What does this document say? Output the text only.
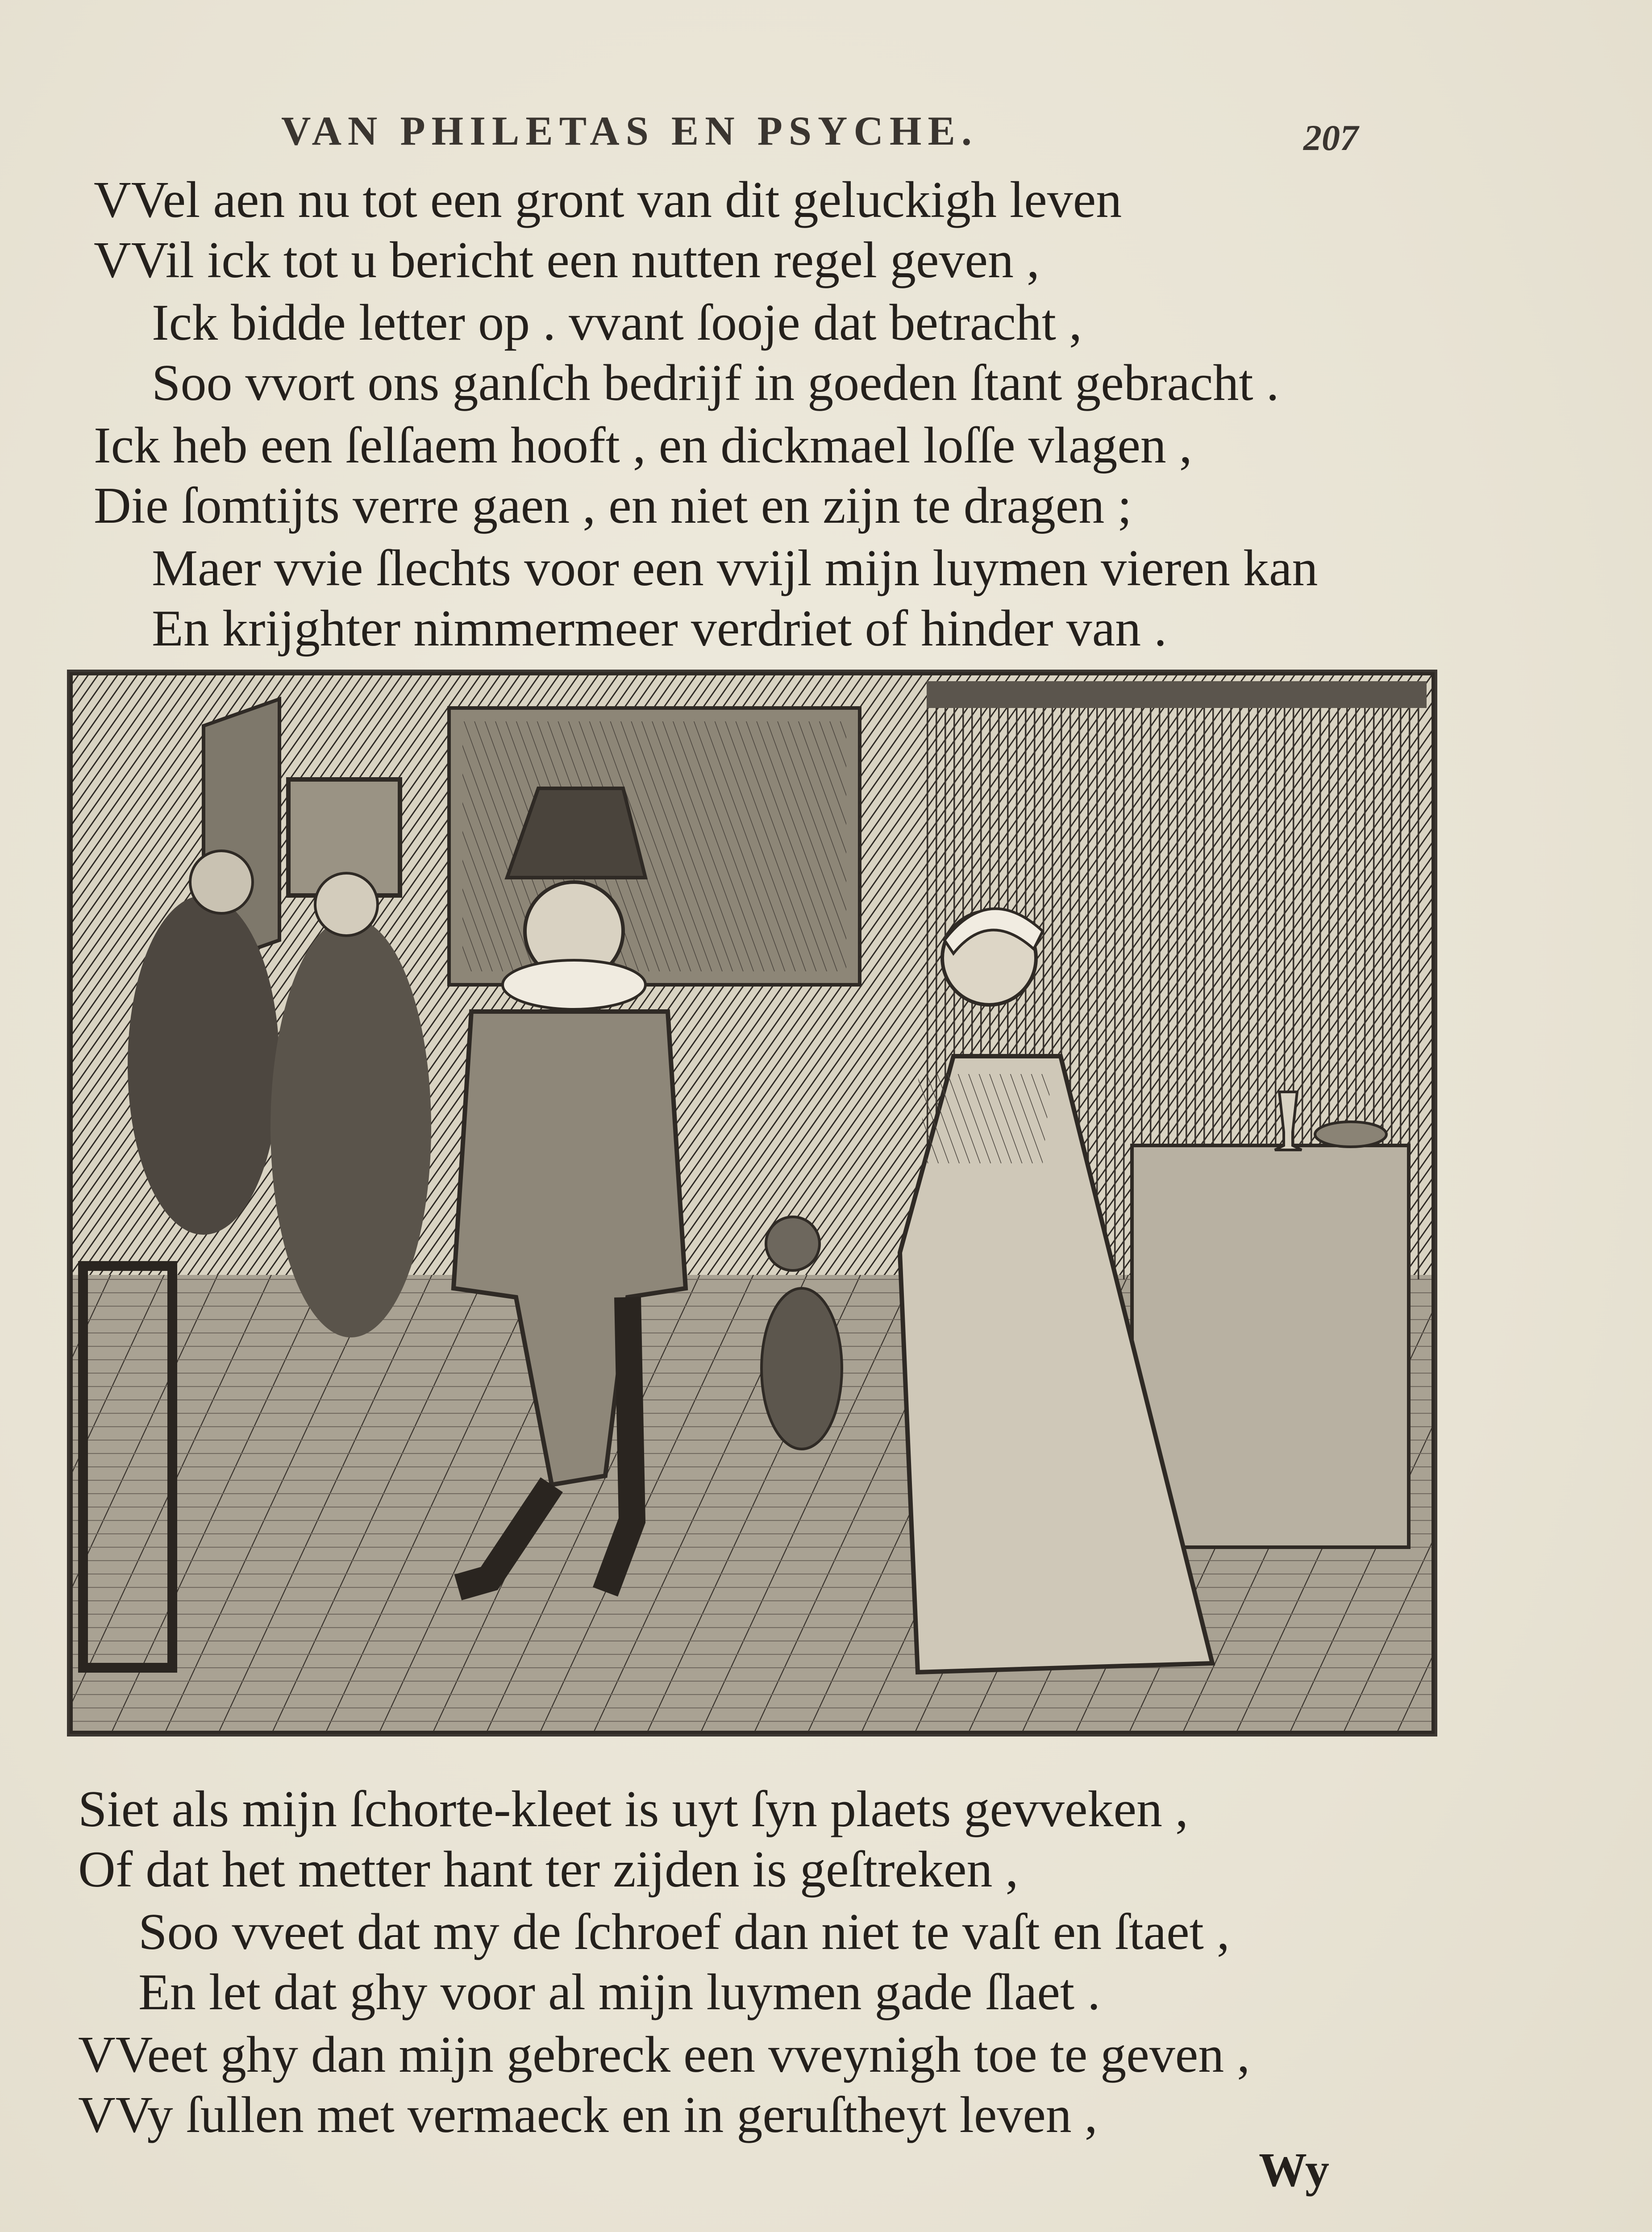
VAN PHILETAS EN PSYCHE.	207
VVel aen nu tot een gront van dit geluckigh leven
VVil ick tot u bericht een nutten regel geven ,
Ick bidde letter op . vvant ſooje dat betracht ,
Soo vvort ons ganſch bedrijf in goeden ſtant gebracht .
Ick heb een ſelſaem hooft , en dickmael loſſe vlagen ,
Die ſomtijts verre gaen , en niet en zijn te dragen ;
Maer vvie ſlechts voor een vvijl mijn luymen vieren kan
En krijghter nimmermeer verdriet of hinder van .
Siet als mijn ſchorte-kleet is uyt ſyn plaets gevveken ,
Of dat het metter hant ter zijden is geſtreken ,
Soo vveet dat my de ſchroef dan niet te vaſt en ſtaet ,
En let dat ghy voor al mijn luymen gade ſlaet .
VVeet ghy dan mijn gebreck een vveynigh toe te geven ,
VVy ſullen met vermaeck en in geruſtheyt leven ,
Wy
